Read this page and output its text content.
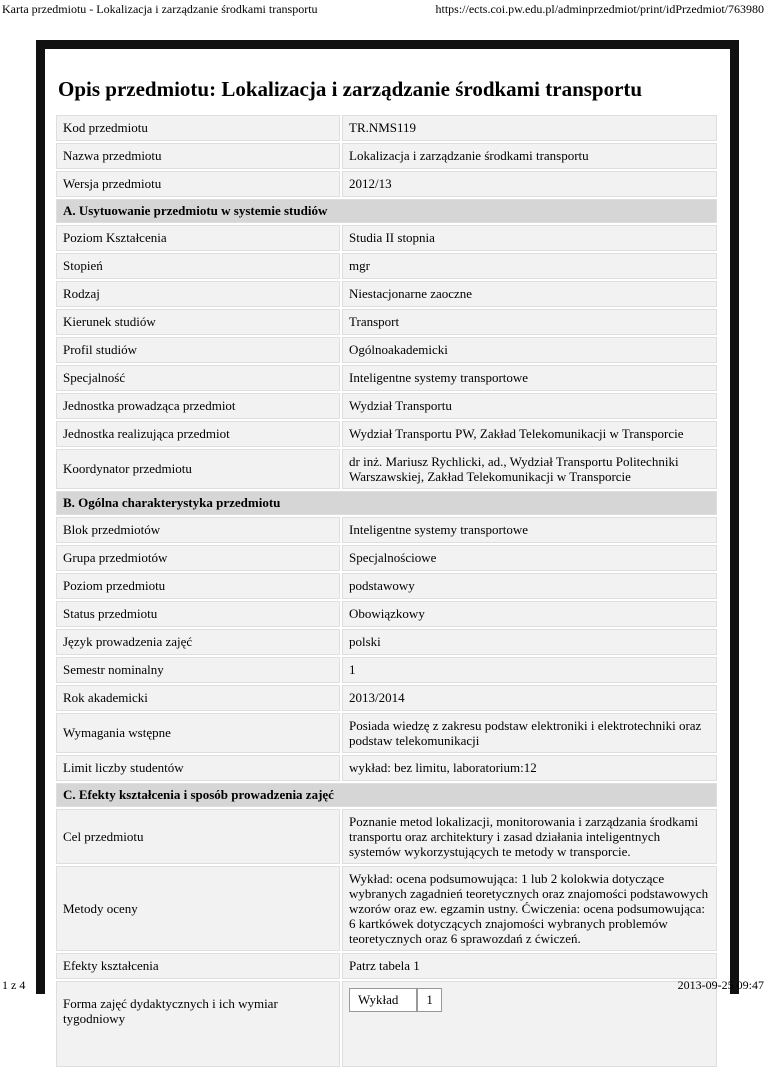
Karta przedmiotu - Lokalizacja i zarządzanie środkami transportu	https://ects.coi.pw.edu.pl/adminprzedmiot/print/idPrzedmiot/763980
Opis przedmiotu: Lokalizacja i zarządzanie środkami transportu
Kod przedmiotu	TR.NMS119
Nazwa przedmiotu	Lokalizacja i zarządzanie środkami transportu
Wersja przedmiotu	2012/13
A. Usytuowanie przedmiotu w systemie studiów
Poziom Kształcenia	Studia II stopnia
Stopień	mgr
Rodzaj	Niestacjonarne zaoczne
Kierunek studiów	Transport
Profil studiów	Ogólnoakademicki
Specjalność	Inteligentne systemy transportowe
Jednostka prowadząca przedmiot	Wydział Transportu
Jednostka realizująca przedmiot	Wydział Transportu PW, Zakład Telekomunikacji w Transporcie
Koordynator przedmiotu	dr inż. Mariusz Rychlicki, ad., Wydział Transportu Politechniki Warszawskiej, Zakład Telekomunikacji w Transporcie
B. Ogólna charakterystyka przedmiotu
Blok przedmiotów	Inteligentne systemy transportowe
Grupa przedmiotów	Specjalnościowe
Poziom przedmiotu	podstawowy
Status przedmiotu	Obowiązkowy
Język prowadzenia zajęć	polski
Semestr nominalny	1
Rok akademicki	2013/2014
Wymagania wstępne	Posiada wiedzę z zakresu podstaw elektroniki i elektrotechniki oraz podstaw telekomunikacji
Limit liczby studentów	wykład: bez limitu, laboratorium:12
C. Efekty kształcenia i sposób prowadzenia zajęć
Cel przedmiotu	Poznanie metod lokalizacji, monitorowania i zarządzania środkami transportu oraz architektury i zasad działania inteligentnych systemów wykorzystujących te metody w transporcie.
Metody oceny	Wykład: ocena podsumowująca: 1 lub 2 kolokwia dotyczące wybranych zagadnień teoretycznych oraz znajomości podstawowych wzorów oraz ew. egzamin ustny. Ćwiczenia: ocena podsumowująca: 6 kartkówek dotyczących znajomości wybranych problemów teoretycznych oraz 6 sprawozdań z ćwiczeń.
Efekty kształcenia	Patrz tabela 1
Forma zajęć dydaktycznych i ich wymiar tygodniowy	
Wykład	1
1 z 4	2013-09-25 09:47
